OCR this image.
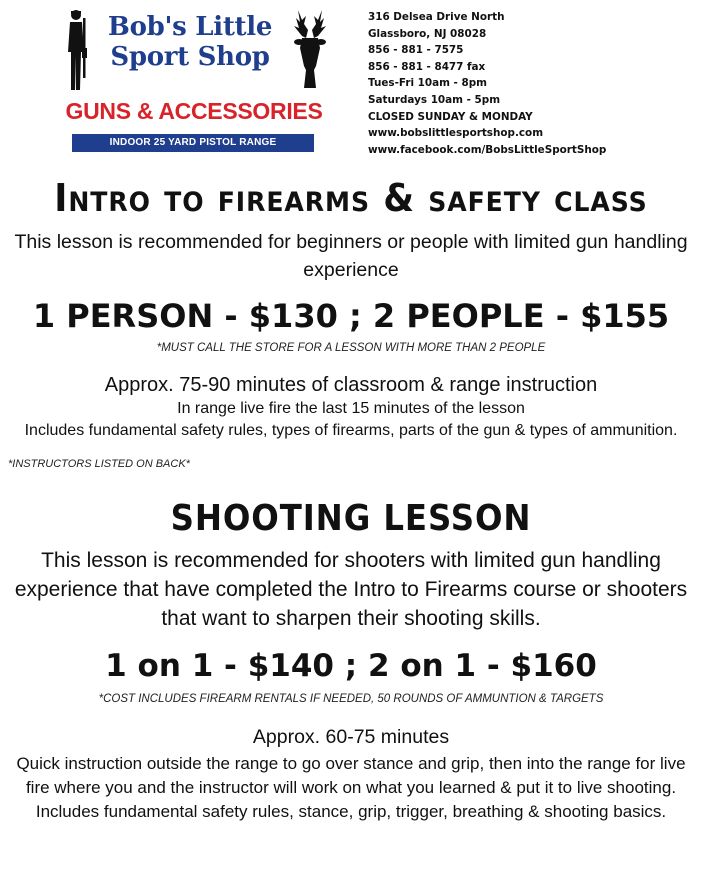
Bob's Little
Sport Shop
GUNS & ACCESSORIES
INDOOR 25 YARD PISTOL RANGE
316 Delsea Drive North
Glassboro, NJ 08028
856 - 881 - 7575
856 - 881 - 8477 fax
Tues-Fri 10am - 8pm
Saturdays 10am - 5pm
CLOSED SUNDAY & MONDAY
www.bobslittlesportshop.com
www.facebook.com/BobsLittleSportShop
Intro to firearms & safety class
This lesson is recommended for beginners or people with limited gun handling experience
1 PERSON - $130 ; 2 PEOPLE - $155
*MUST CALL THE STORE FOR A LESSON WITH MORE THAN 2 PEOPLE
Approx. 75-90 minutes of classroom & range instruction
In range live fire the last 15 minutes of the lesson
Includes fundamental safety rules, types of firearms, parts of the gun & types of ammunition.
*INSTRUCTORS LISTED ON BACK*
SHOOTING LESSON
This lesson is recommended for shooters with limited gun handling experience that have completed the Intro to Firearms course or shooters that want to sharpen their shooting skills.
1 on 1 - $140 ; 2 on 1 - $160
*COST INCLUDES FIREARM RENTALS IF NEEDED, 50 ROUNDS OF AMMUNTION & TARGETS
Approx. 60-75 minutes
Quick instruction outside the range to go over stance and grip, then into the range for live fire where you and the instructor will work on what you learned & put it to live shooting.
Includes fundamental safety rules, stance, grip, trigger, breathing & shooting basics.
